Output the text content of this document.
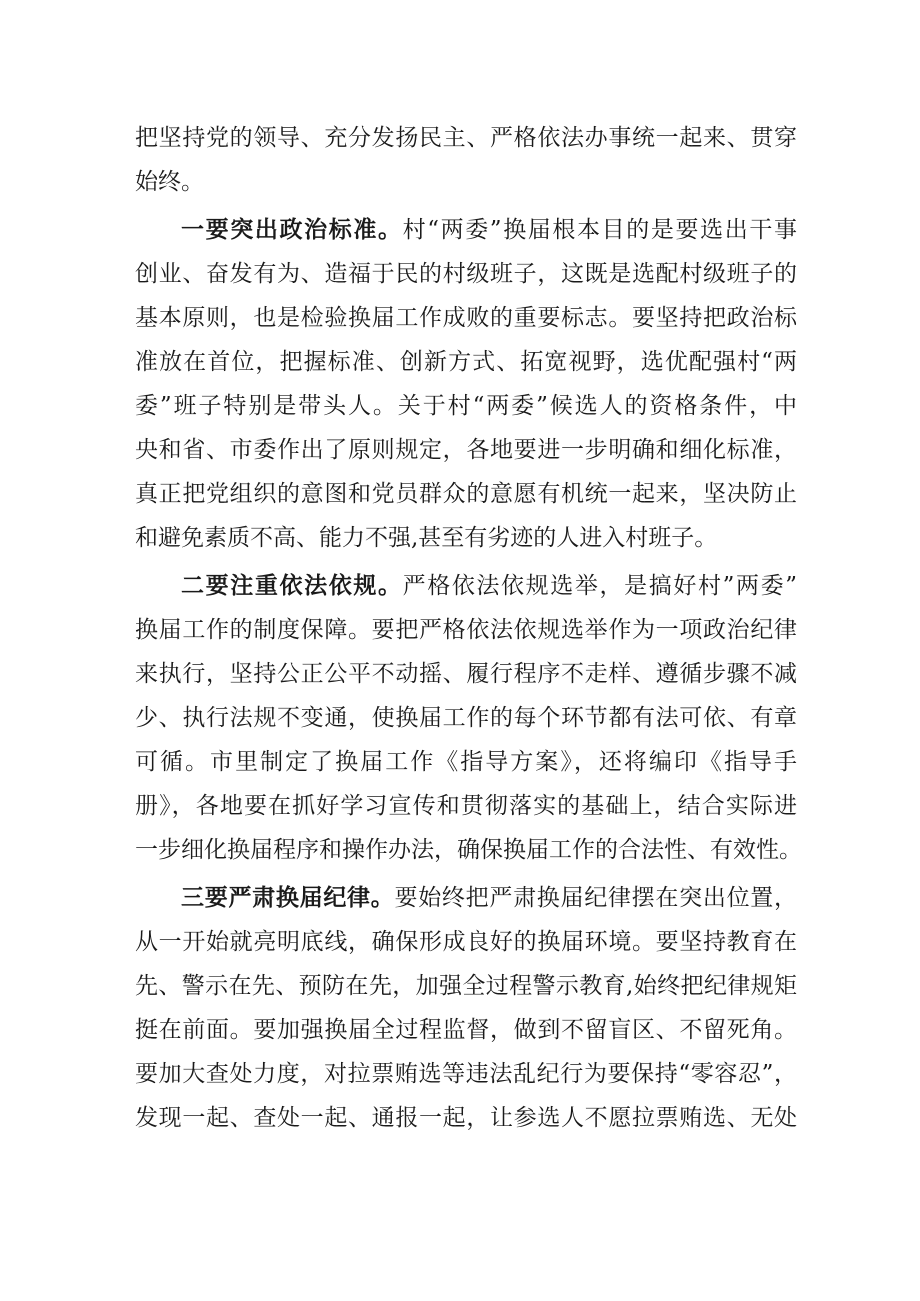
把坚持党的领导、充分发扬民主、严格依法办事统一起来、贯穿
始终。
一要突出政治标准。村“两委”换届根本目的是要选出干事
创业、奋发有为、造福于民的村级班子，这既是选配村级班子的
基本原则，也是检验换届工作成败的重要标志。要坚持把政治标
准放在首位，把握标准、创新方式、拓宽视野，选优配强村“两
委”班子特别是带头人。关于村“两委”候选人的资格条件，中
央和省、市委作出了原则规定，各地要进一步明确和细化标准，
真正把党组织的意图和党员群众的意愿有机统一起来，坚决防止
和避免素质不高、能力不强,甚至有劣迹的人进入村班子。
二要注重依法依规。严格依法依规选举，是搞好村”两委”
换届工作的制度保障。要把严格依法依规选举作为一项政治纪律
来执行，坚持公正公平不动摇、履行程序不走样、遵循步骤不减
少、执行法规不变通，使换届工作的每个环节都有法可依、有章
可循。市里制定了换届工作《指导方案》，还将编印《指导手
册》，各地要在抓好学习宣传和贯彻落实的基础上，结合实际进
一步细化换届程序和操作办法，确保换届工作的合法性、有效性。
三要严肃换届纪律。要始终把严肃换届纪律摆在突出位置，
从一开始就亮明底线，确保形成良好的换届环境。要坚持教育在
先、警示在先、预防在先，加强全过程警示教育,始终把纪律规矩
挺在前面。要加强换届全过程监督，做到不留盲区、不留死角。
要加大查处力度，对拉票贿选等违法乱纪行为要保持“零容忍”，
发现一起、查处一起、通报一起，让参选人不愿拉票贿选、无处
